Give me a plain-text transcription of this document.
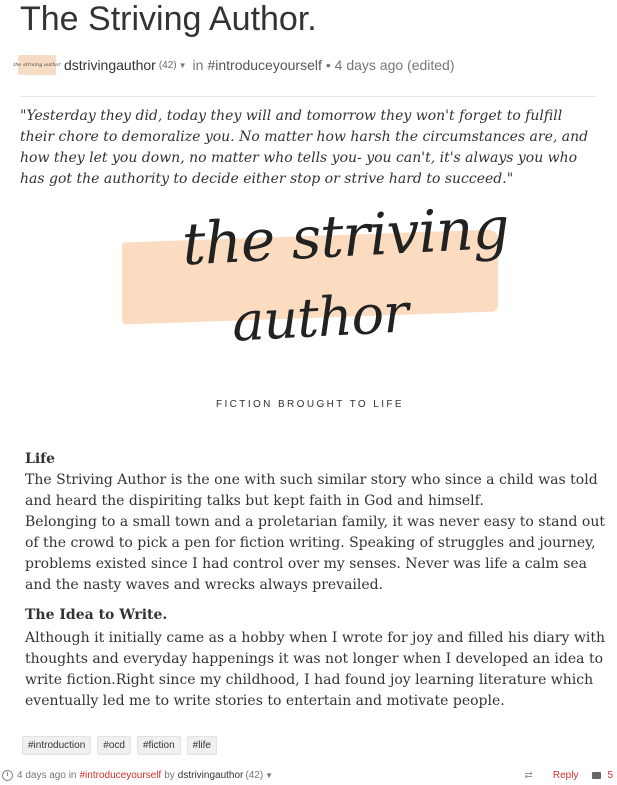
The Striving Author.
the striving author dstrivingauthor (42) ▼ in #introduceyourself • 4 days ago (edited)
"Yesterday they did, today they will and tomorrow they won't forget to fulfill their chore to demoralize you. No matter how harsh the circumstances are, and how they let you down, no matter who tells you- you can't, it's always you who has got the authority to decide either stop or strive hard to succeed."
the striving
author
FICTION BROUGHT TO LIFE
Life
The Striving Author is the one with such similar story who since a child was told and heard the dispiriting talks but kept faith in God and himself.
Belonging to a small town and a proletarian family, it was never easy to stand out of the crowd to pick a pen for fiction writing. Speaking of struggles and journey, problems existed since I had control over my senses. Never was life a calm sea and the nasty waves and wrecks always prevailed.
The Idea to Write.
Although it initially came as a hobby when I wrote for joy and filled his diary with thoughts and everyday happenings it was not longer when I developed an idea to write fiction.Right since my childhood, I had found joy learning literature which eventually led me to write stories to entertain and motivate people.
#introduction	#ocd	#fiction	#life
4 days ago in #introduceyourself by dstrivingauthor (42) ▼	⇄ Reply	5
